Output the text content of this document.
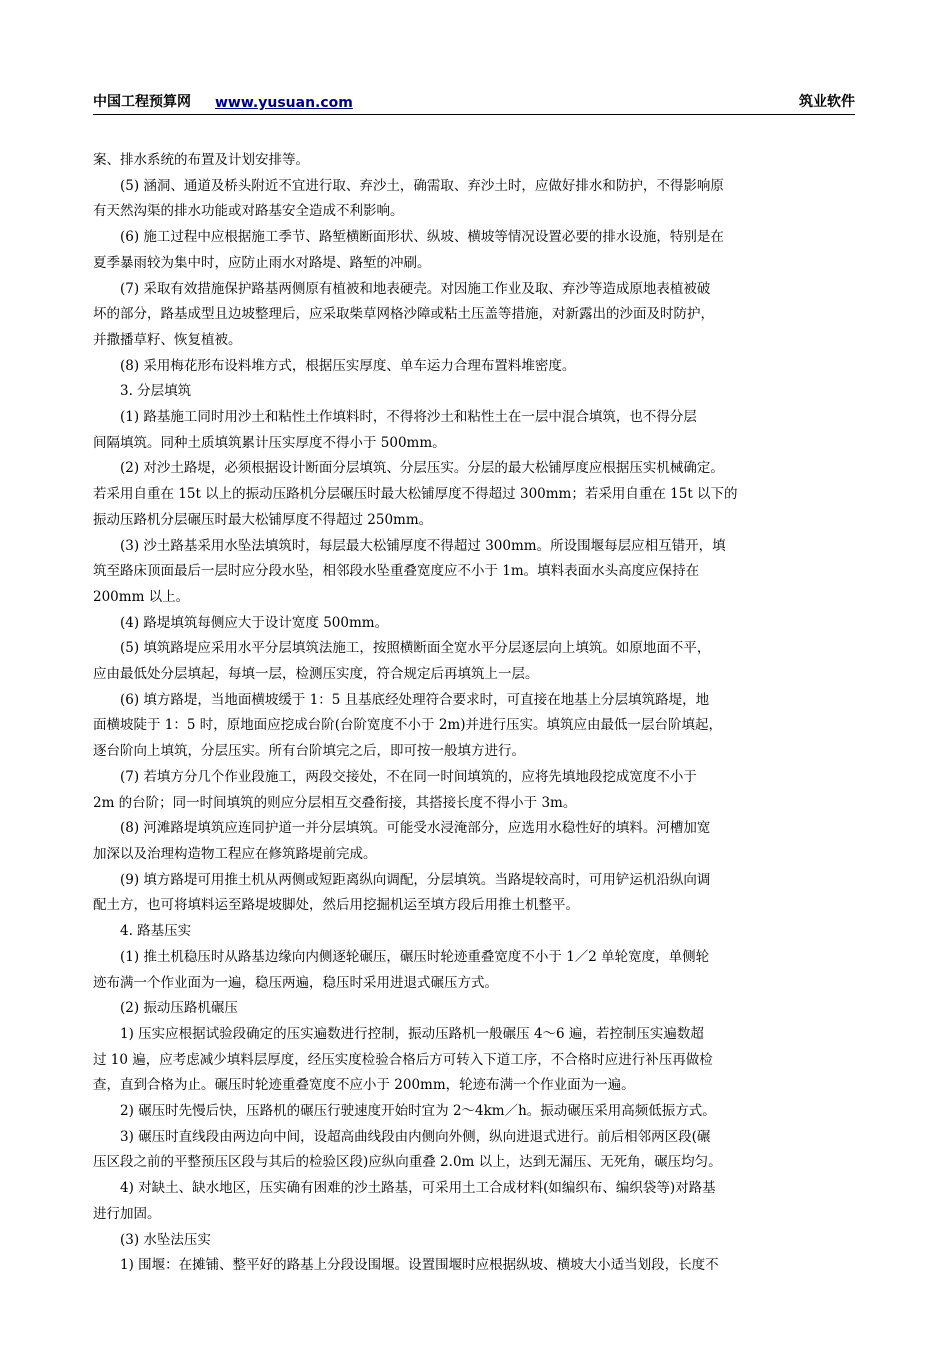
中国工程预算网 www.yusuan.com	筑业软件

案、排水系统的布置及计划安排等。

(5) 涵洞、通道及桥头附近不宜进行取、弃沙土，确需取、弃沙土时，应做好排水和防护，不得影响原

有天然沟渠的排水功能或对路基安全造成不利影响。

(6) 施工过程中应根据施工季节、路堑横断面形状、纵坡、横坡等情况设置必要的排水设施，特别是在

夏季暴雨较为集中时，应防止雨水对路堤、路堑的冲刷。

(7) 采取有效措施保护路基两侧原有植被和地表硬壳。对因施工作业及取、弃沙等造成原地表植被破

坏的部分，路基成型且边坡整理后，应采取柴草网格沙障或粘土压盖等措施，对新露出的沙面及时防护，

并撒播草籽、恢复植被。

(8) 采用梅花形布设料堆方式，根据压实厚度、单车运力合理布置料堆密度。

3. 分层填筑

(1) 路基施工同时用沙土和粘性土作填料时，不得将沙土和粘性土在一层中混合填筑，也不得分层

间隔填筑。同种土质填筑累计压实厚度不得小于 500mm。

(2) 对沙土路堤，必须根据设计断面分层填筑、分层压实。分层的最大松铺厚度应根据压实机械确定。

若采用自重在 15t 以上的振动压路机分层碾压时最大松铺厚度不得超过 300mm；若采用自重在 15t 以下的

振动压路机分层碾压时最大松铺厚度不得超过 250mm。

(3) 沙土路基采用水坠法填筑时，每层最大松铺厚度不得超过 300mm。所设围堰每层应相互错开，填

筑至路床顶面最后一层时应分段水坠，相邻段水坠重叠宽度应不小于 1m。填料表面水头高度应保持在

200mm 以上。

(4) 路堤填筑每侧应大于设计宽度 500mm。

(5) 填筑路堤应采用水平分层填筑法施工，按照横断面全宽水平分层逐层向上填筑。如原地面不平，

应由最低处分层填起，每填一层，检测压实度，符合规定后再填筑上一层。

(6) 填方路堤，当地面横坡缓于 1：5 且基底经处理符合要求时，可直接在地基上分层填筑路堤，地

面横坡陡于 1：5 时，原地面应挖成台阶(台阶宽度不小于 2m)并进行压实。填筑应由最低一层台阶填起，

逐台阶向上填筑，分层压实。所有台阶填完之后，即可按一般填方进行。

(7) 若填方分几个作业段施工，两段交接处，不在同一时间填筑的，应将先填地段挖成宽度不小于

2m 的台阶；同一时间填筑的则应分层相互交叠衔接，其搭接长度不得小于 3m。

(8) 河滩路堤填筑应连同护道一并分层填筑。可能受水浸淹部分，应选用水稳性好的填料。河槽加宽

加深以及治理构造物工程应在修筑路堤前完成。

(9) 填方路堤可用推土机从两侧或短距离纵向调配，分层填筑。当路堤较高时，可用铲运机沿纵向调

配土方，也可将填料运至路堤坡脚处，然后用挖掘机运至填方段后用推土机整平。

4. 路基压实

(1) 推土机稳压时从路基边缘向内侧逐轮碾压，碾压时轮迹重叠宽度不小于 1／2 单轮宽度，单侧轮

迹布满一个作业面为一遍，稳压两遍，稳压时采用进退式碾压方式。

(2) 振动压路机碾压

1) 压实应根据试验段确定的压实遍数进行控制，振动压路机一般碾压 4～6 遍，若控制压实遍数超

过 10 遍，应考虑减少填料层厚度，经压实度检验合格后方可转入下道工序，不合格时应进行补压再做检

查，直到合格为止。碾压时轮迹重叠宽度不应小于 200mm，轮迹布满一个作业面为一遍。

2) 碾压时先慢后快，压路机的碾压行驶速度开始时宜为 2～4km／h。振动碾压采用高频低振方式。

3) 碾压时直线段由两边向中间，设超高曲线段由内侧向外侧，纵向进退式进行。前后相邻两区段(碾

压区段之前的平整预压区段与其后的检验区段)应纵向重叠 2.0m 以上，达到无漏压、无死角，碾压均匀。

4) 对缺土、缺水地区，压实确有困难的沙土路基，可采用土工合成材料(如编织布、编织袋等)对路基

进行加固。

(3) 水坠法压实

1) 围堰：在摊铺、整平好的路基上分段设围堰。设置围堰时应根据纵坡、横坡大小适当划段，长度不
